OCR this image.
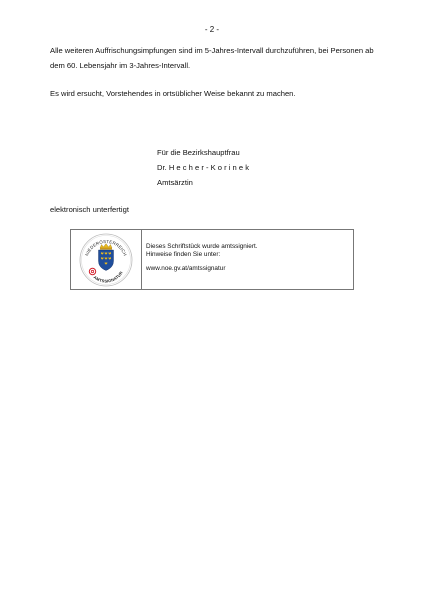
- 2 -

Alle weiteren Auffrischungsimpfungen sind im 5-Jahres-Intervall durchzuführen, bei Personen ab dem 60. Lebensjahr im 3-Jahres-Intervall.

Es wird ersucht, Vorstehendes in ortsüblicher Weise bekannt zu machen.

Für die Bezirkshauptfrau
Dr. H e c h e r - K o r i n e k
Amtsärztin
elektronisch unterfertigt
NIEDERÖSTERREICH
AMTSSIGNATUR
Dieses Schriftstück wurde amtssigniert.
Hinweise finden Sie unter:
www.noe.gv.at/amtssignatur
